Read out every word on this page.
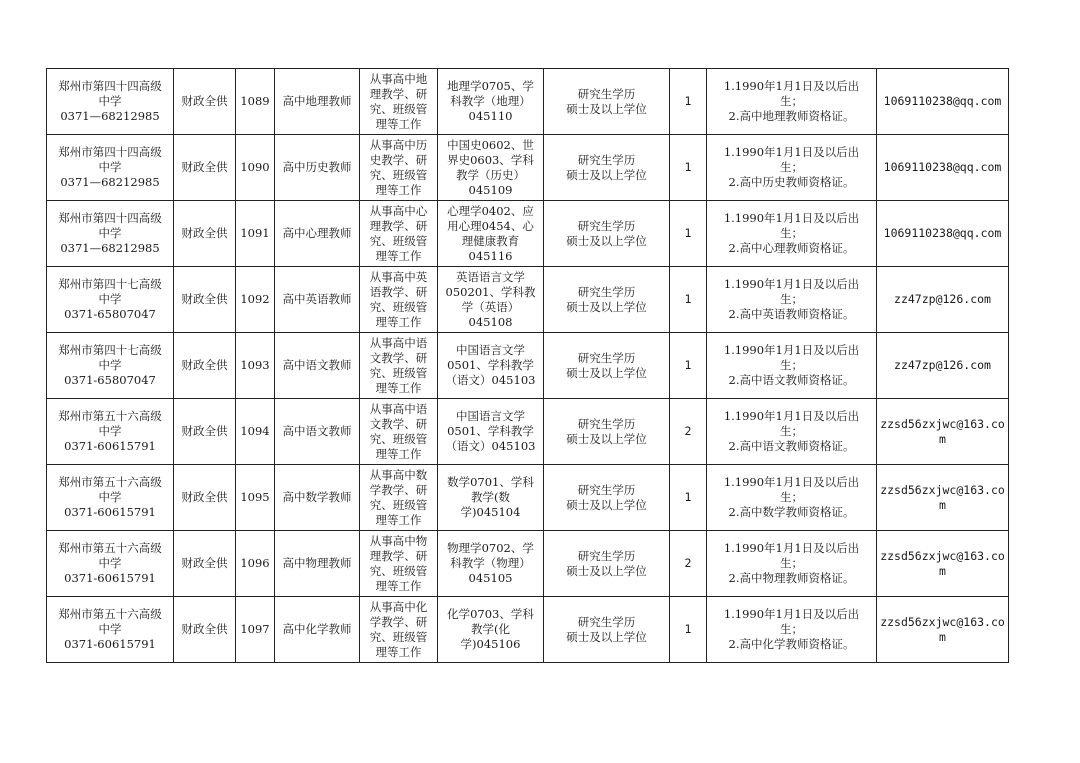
郑州市第四十四高级
中学
0371—68212985	财政全供	1089	高中地理教师	从事高中地
理教学、研
究、班级管
理等工作	地理学0705、学
科教学（地理）
045110	研究生学历
硕士及以上学位	1	1.1990年1月1日及以后出
生；
2.高中地理教师资格证。	1069110238@qq.com

郑州市第四十四高级
中学
0371—68212985	财政全供	1090	高中历史教师	从事高中历
史教学、研
究、班级管
理等工作	中国史0602、世
界史0603、学科
教学（历史）
045109	研究生学历
硕士及以上学位	1	1.1990年1月1日及以后出
生；
2.高中历史教师资格证。	1069110238@qq.com

郑州市第四十四高级
中学
0371—68212985	财政全供	1091	高中心理教师	从事高中心
理教学、研
究、班级管
理等工作	心理学0402、应
用心理0454、心
理健康教育
045116	研究生学历
硕士及以上学位	1	1.1990年1月1日及以后出
生；
2.高中心理教师资格证。	1069110238@qq.com

郑州市第四十七高级
中学
0371-65807047	财政全供	1092	高中英语教师	从事高中英
语教学、研
究、班级管
理等工作	英语语言文学
050201、学科教
学（英语）
045108	研究生学历
硕士及以上学位	1	1.1990年1月1日及以后出
生；
2.高中英语教师资格证。	zz47zp@126.com

郑州市第四十七高级
中学
0371-65807047	财政全供	1093	高中语文教师	从事高中语
文教学、研
究、班级管
理等工作	中国语言文学
0501、学科教学
（语文）045103	研究生学历
硕士及以上学位	1	1.1990年1月1日及以后出
生；
2.高中语文教师资格证。	zz47zp@126.com

郑州市第五十六高级
中学
0371-60615791	财政全供	1094	高中语文教师	从事高中语
文教学、研
究、班级管
理等工作	中国语言文学
0501、学科教学
（语文）045103	研究生学历
硕士及以上学位	2	1.1990年1月1日及以后出
生；
2.高中语文教师资格证。	zzsd56zxjwc@163.com

郑州市第五十六高级
中学
0371-60615791	财政全供	1095	高中数学教师	从事高中数
学教学、研
究、班级管
理等工作	数学0701、学科
教学(数
学)045104	研究生学历
硕士及以上学位	1	1.1990年1月1日及以后出
生；
2.高中数学教师资格证。	zzsd56zxjwc@163.com

郑州市第五十六高级
中学
0371-60615791	财政全供	1096	高中物理教师	从事高中物
理教学、研
究、班级管
理等工作	物理学0702、学
科教学（物理）
045105	研究生学历
硕士及以上学位	2	1.1990年1月1日及以后出
生；
2.高中物理教师资格证。	zzsd56zxjwc@163.com

郑州市第五十六高级
中学
0371-60615791	财政全供	1097	高中化学教师	从事高中化
学教学、研
究、班级管
理等工作	化学0703、学科
教学(化
学)045106	研究生学历
硕士及以上学位	1	1.1990年1月1日及以后出
生；
2.高中化学教师资格证。	zzsd56zxjwc@163.com
